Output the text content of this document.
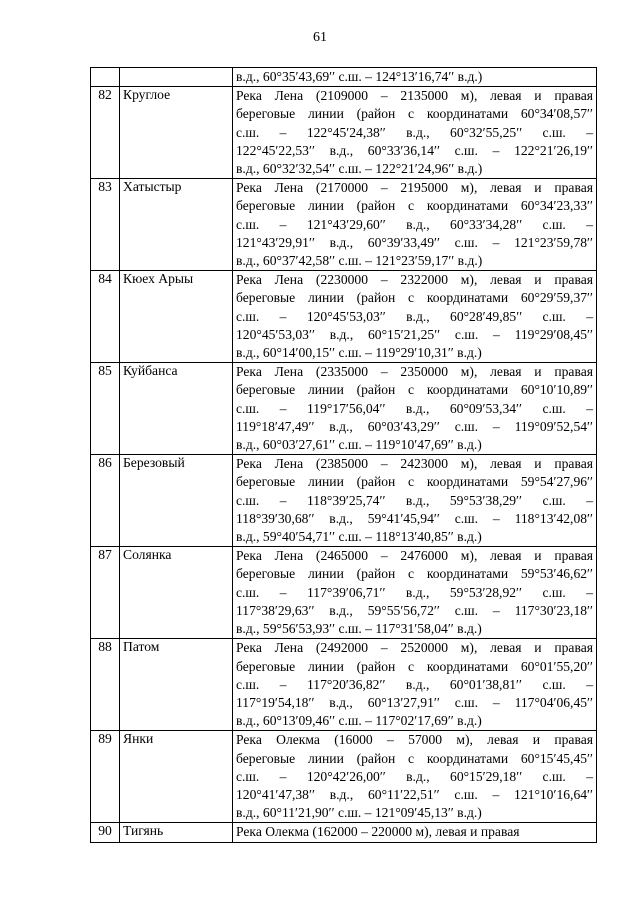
61

		в.д., 60°35′43,69′′ с.ш. – 124°13′16,74′′ в.д.)

82	Круглое	Река Лена (2109000 – 2135000 м), левая и правая
береговые линии (район с координатами 60°34′08,57′′
с.ш. – 122°45′24,38′′ в.д., 60°32′55,25′′ с.ш. –
122°45′22,53′′ в.д., 60°33′36,14′′ с.ш. – 122°21′26,19′′
в.д., 60°32′32,54′′ с.ш. – 122°21′24,96′′ в.д.)

83	Хатыстыр	Река Лена (2170000 – 2195000 м), левая и правая
береговые линии (район с координатами 60°34′23,33′′
с.ш. – 121°43′29,60′′ в.д., 60°33′34,28′′ с.ш. –
121°43′29,91′′ в.д., 60°39′33,49′′ с.ш. – 121°23′59,78′′
в.д., 60°37′42,58′′ с.ш. – 121°23′59,17′′ в.д.)

84	Кюех Арыы	Река Лена (2230000 – 2322000 м), левая и правая
береговые линии (район с координатами 60°29′59,37′′
с.ш. – 120°45′53,03′′ в.д., 60°28′49,85′′ с.ш. –
120°45′53,03′′ в.д., 60°15′21,25′′ с.ш. – 119°29′08,45′′
в.д., 60°14′00,15′′ с.ш. – 119°29′10,31′′ в.д.)

85	Куйбанса	Река Лена (2335000 – 2350000 м), левая и правая
береговые линии (район с координатами 60°10′10,89′′
с.ш. – 119°17′56,04′′ в.д., 60°09′53,34′′ с.ш. –
119°18′47,49′′ в.д., 60°03′43,29′′ с.ш. – 119°09′52,54′′
в.д., 60°03′27,61′′ с.ш. – 119°10′47,69′′ в.д.)

86	Березовый	Река Лена (2385000 – 2423000 м), левая и правая
береговые линии (район с координатами 59°54′27,96′′
с.ш. – 118°39′25,74′′ в.д., 59°53′38,29′′ с.ш. –
118°39′30,68′′ в.д., 59°41′45,94′′ с.ш. – 118°13′42,08′′
в.д., 59°40′54,71′′ с.ш. – 118°13′40,85′′ в.д.)

87	Солянка	Река Лена (2465000 – 2476000 м), левая и правая
береговые линии (район с координатами 59°53′46,62′′
с.ш. – 117°39′06,71′′ в.д., 59°53′28,92′′ с.ш. –
117°38′29,63′′ в.д., 59°55′56,72′′ с.ш. – 117°30′23,18′′
в.д., 59°56′53,93′′ с.ш. – 117°31′58,04′′ в.д.)

88	Патом	Река Лена (2492000 – 2520000 м), левая и правая
береговые линии (район с координатами 60°01′55,20′′
с.ш. – 117°20′36,82′′ в.д., 60°01′38,81′′ с.ш. –
117°19′54,18′′ в.д., 60°13′27,91′′ с.ш. – 117°04′06,45′′
в.д., 60°13′09,46′′ с.ш. – 117°02′17,69′′ в.д.)

89	Янки	Река Олекма (16000 – 57000 м), левая и правая
береговые линии (район с координатами 60°15′45,45′′
с.ш. – 120°42′26,00′′ в.д., 60°15′29,18′′ с.ш. –
120°41′47,38′′ в.д., 60°11′22,51′′ с.ш. – 121°10′16,64′′
в.д., 60°11′21,90′′ с.ш. – 121°09′45,13′′ в.д.)

90	Тигянь	Река Олекма (162000 – 220000 м), левая и правая
